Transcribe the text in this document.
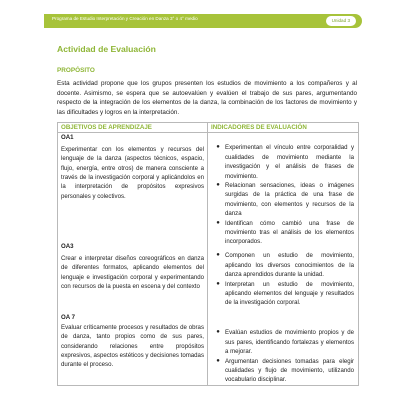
Programa de Estudio Interpretación y Creación en Danza 3° o 4° medio	Unidad 3
Actividad de Evaluación
PROPÓSITO
Esta actividad propone que los grupos presenten los estudios de movimiento a los compañeros y al docente. Asimismo, se espera que se autoevalúen y evalúen el trabajo de sus pares, argumentando respecto de la integración de los elementos de la danza, la combinación de los factores de movimiento y las dificultades y logros en la interpretación.
OBJETIVOS DE APRENDIZAJE
OA1
Experimentar con los elementos y recursos del lenguaje de la danza (aspectos técnicos, espacio, flujo, energía, entre otros) de manera consciente a través de la investigación corporal y aplicándolos en la interpretación de propósitos expresivos personales y colectivos.
OA3
Crear e interpretar diseños coreográficos en danza de diferentes formatos, aplicando elementos del lenguaje e investigación corporal y experimentando con recursos de la puesta en escena y del contexto
OA 7
Evaluar críticamente procesos y resultados de obras de danza, tanto propios como de sus pares, considerando relaciones entre propósitos expresivos, aspectos estéticos y decisiones tomadas durante el proceso.
INDICADORES DE EVALUACIÓN
● Experimentan el vínculo entre corporalidad y cualidades de movimiento mediante la investigación y el análisis de frases de movimiento.
● Relacionan sensaciones, ideas o imágenes surgidas de la práctica de una frase de movimiento, con elementos y recursos de la danza
● Identifican cómo cambió una frase de movimiento tras el análisis de los elementos incorporados.
● Componen un estudio de movimiento, aplicando los diversos conocimientos de la danza aprendidos durante la unidad.
● Interpretan un estudio de movimiento, aplicando elementos del lenguaje y resultados de la investigación corporal.
● Evalúan estudios de movimiento propios y de sus pares, identificando fortalezas y elementos a mejorar.
● Argumentan decisiones tomadas para elegir cualidades y flujo de movimiento, utilizando vocabulario disciplinar.
